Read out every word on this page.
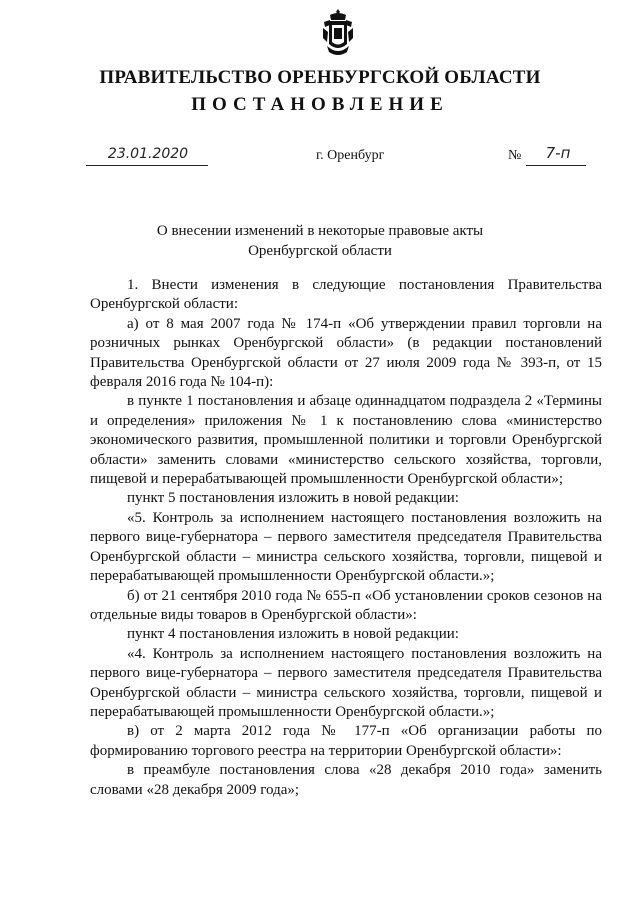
ПРАВИТЕЛЬСТВО ОРЕНБУРГСКОЙ ОБЛАСТИ
ПОСТАНОВЛЕНИЕ
23.01.2020	г. Оренбург	№	7-п
О внесении изменений в некоторые правовые акты
Оренбургской области

1. Внести изменения в следующие постановления Правительства Оренбургской области:

а) от 8 мая 2007 года № 174-п «Об утверждении правил торговли на розничных рынках Оренбургской области» (в редакции постановлений Правительства Оренбургской области от 27 июля 2009 года № 393-п, от 15 февраля 2016 года № 104-п):

в пункте 1 постановления и абзаце одиннадцатом подраздела 2 «Термины и определения» приложения № 1 к постановлению слова «министерство экономического развития, промышленной политики и торговли Оренбургской области» заменить словами «министерство сельского хозяйства, торговли, пищевой и перерабатывающей промышленности Оренбургской области»;

пункт 5 постановления изложить в новой редакции:

«5. Контроль за исполнением настоящего постановления возложить на первого вице-губернатора – первого заместителя председателя Правительства Оренбургской области – министра сельского хозяйства, торговли, пищевой и перерабатывающей промышленности Оренбургской области.»;

б) от 21 сентября 2010 года № 655-п «Об установлении сроков сезонов на отдельные виды товаров в Оренбургской области»:

пункт 4 постановления изложить в новой редакции:

«4. Контроль за исполнением настоящего постановления возложить на первого вице-губернатора – первого заместителя председателя Правительства Оренбургской области – министра сельского хозяйства, торговли, пищевой и перерабатывающей промышленности Оренбургской области.»;

в) от 2 марта 2012 года № 177-п «Об организации работы по формированию торгового реестра на территории Оренбургской области»:

в преамбуле постановления слова «28 декабря 2010 года» заменить словами «28 декабря 2009 года»;
